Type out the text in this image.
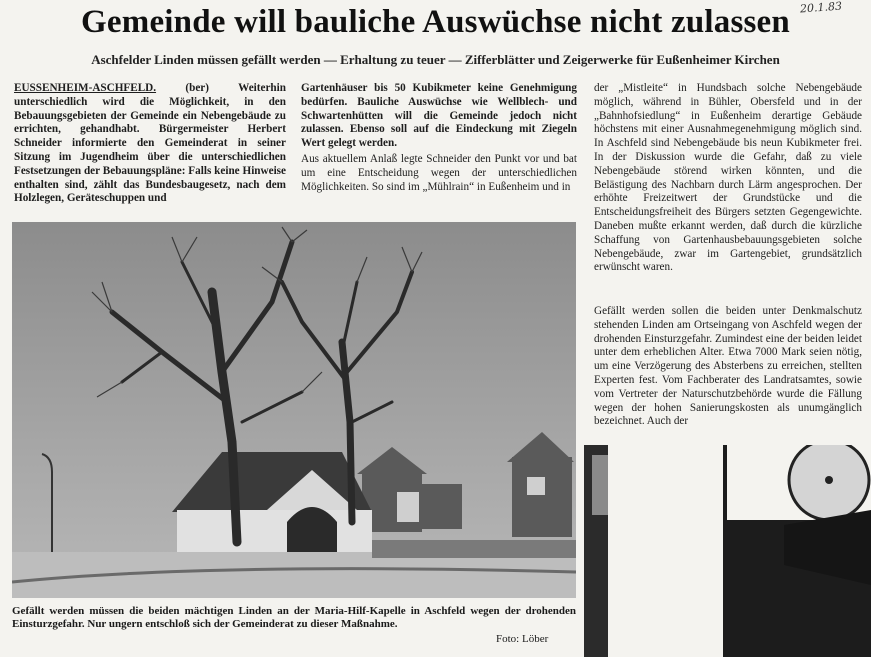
20.1.83
Gemeinde will bauliche Auswüchse nicht zulassen
Aschfelder Linden müssen gefällt werden — Erhaltung zu teuer — Zifferblätter und Zeigerwerke für Eußenheimer Kirchen

EUSSENHEIM-ASCHFELD. (ber) Weiterhin unterschiedlich wird die Möglichkeit, in den Bebauungsgebieten der Gemeinde ein Nebengebäude zu errichten, gehandhabt. Bürgermeister Herbert Schneider informierte den Gemeinderat in seiner Sitzung im Jugendheim über die unterschiedlichen Festsetzungen der Bebauungspläne: Falls keine Hinweise enthalten sind, zählt das Bundesbaugesetz, nach dem Holzlegen, Geräteschuppen und

Gartenhäuser bis 50 Kubikmeter keine Genehmigung bedürfen. Bauliche Auswüchse wie Wellblech- und Schwartenhütten will die Gemeinde jedoch nicht zulassen. Ebenso soll auf die Eindeckung mit Ziegeln Wert gelegt werden.

Aus aktuellem Anlaß legte Schneider den Punkt vor und bat um eine Entscheidung wegen der unterschiedlichen Möglichkeiten. So sind im „Mühlrain“ in Eußenheim und in

der „Mistleite“ in Hundsbach solche Nebengebäude möglich, während in Bühler, Obersfeld und in der „Bahnhofsiedlung“ in Eußenheim derartige Gebäude höchstens mit einer Ausnahmegenehmigung möglich sind. In Aschfeld sind Nebengebäude bis neun Kubikmeter frei. In der Diskussion wurde die Gefahr, daß zu viele Nebengebäude störend wirken könnten, und die Belästigung des Nachbarn durch Lärm angesprochen. Der erhöhte Freizeitwert der Grundstücke und die Entscheidungsfreiheit des Bürgers setzten Gegengewichte. Daneben mußte erkannt werden, daß durch die kürzliche Schaffung von Gartenhausbebauungsgebieten solche Nebengebäude, zwar im Gartengebiet, grundsätzlich erwünscht waren.

Gefällt werden sollen die beiden unter Denkmalschutz stehenden Linden am Ortseingang von Aschfeld wegen der drohenden Einsturzgefahr. Zumindest eine der beiden leidet unter dem erheblichen Alter. Etwa 7000 Mark seien nötig, um eine Verzögerung des Absterbens zu erreichen, stellten Experten fest. Vom Fachberater des Landratsamtes, sowie vom Vertreter der Naturschutzbehörde wurde die Fällung wegen der hohen Sanierungskosten als unumgänglich bezeichnet. Auch der

Gefällt werden müssen die beiden mächtigen Linden an der Maria-Hilf-Kapelle in Aschfeld wegen der drohenden Einsturzgefahr. Nur ungern entschloß sich der Gemeinderat zu dieser Maßnahme.
Foto: Löber
